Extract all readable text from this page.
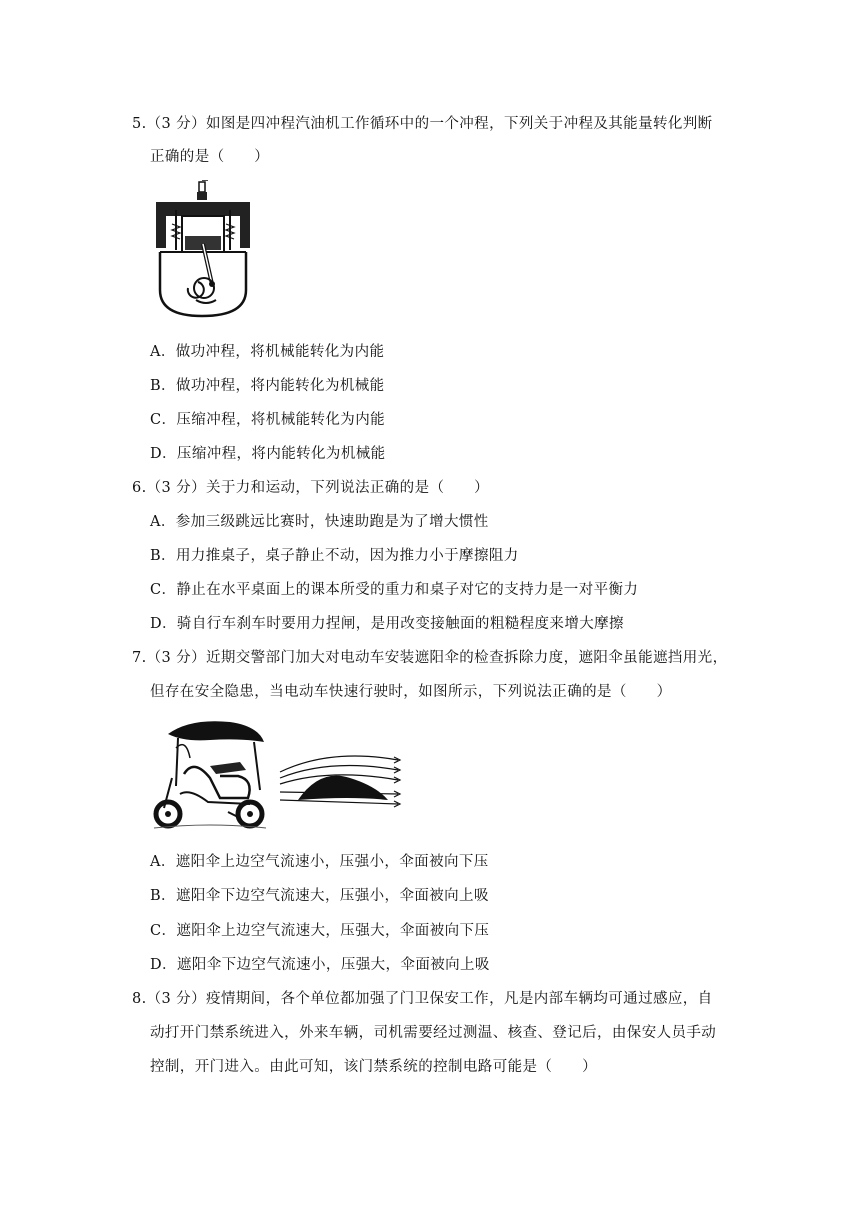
5.（3 分）如图是四冲程汽油机工作循环中的一个冲程，下列关于冲程及其能量转化判断
正确的是（　　）
A．做功冲程，将机械能转化为内能
B．做功冲程，将内能转化为机械能
C．压缩冲程，将机械能转化为内能
D．压缩冲程，将内能转化为机械能
6.（3 分）关于力和运动，下列说法正确的是（　　）
A．参加三级跳远比赛时，快速助跑是为了增大惯性
B．用力推桌子，桌子静止不动，因为推力小于摩擦阻力
C．静止在水平桌面上的课本所受的重力和桌子对它的支持力是一对平衡力
D．骑自行车刹车时要用力捏闸，是用改变接触面的粗糙程度来增大摩擦
7.（3 分）近期交警部门加大对电动车安装遮阳伞的检查拆除力度，遮阳伞虽能遮挡用光，
但存在安全隐患，当电动车快速行驶时，如图所示，下列说法正确的是（　　）
A．遮阳伞上边空气流速小，压强小，伞面被向下压
B．遮阳伞下边空气流速大，压强小，伞面被向上吸
C．遮阳伞上边空气流速大，压强大，伞面被向下压
D．遮阳伞下边空气流速小，压强大，伞面被向上吸
8.（3 分）疫情期间，各个单位都加强了门卫保安工作，凡是内部车辆均可通过感应，自
动打开门禁系统进入，外来车辆，司机需要经过测温、核查、登记后，由保安人员手动
控制，开门进入。由此可知，该门禁系统的控制电路可能是（　　）
